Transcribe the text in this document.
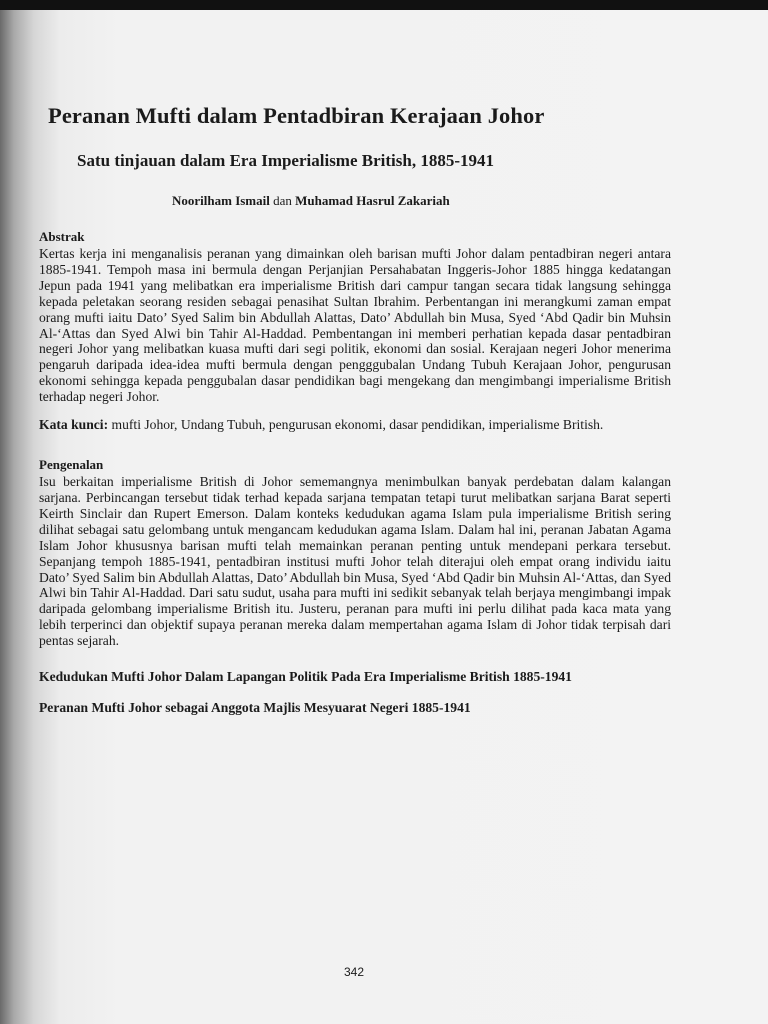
Peranan Mufti dalam Pentadbiran Kerajaan Johor
Satu tinjauan dalam Era Imperialisme British, 1885-1941
Noorilham Ismail dan Muhamad Hasrul Zakariah
Abstrak

Kertas kerja ini menganalisis peranan yang dimainkan oleh barisan mufti Johor dalam pentadbiran negeri antara 1885-1941. Tempoh masa ini bermula dengan Perjanjian Persahabatan Inggeris-Johor 1885 hingga kedatangan Jepun pada 1941 yang melibatkan era imperialisme British dari campur tangan secara tidak langsung sehingga kepada peletakan seorang residen sebagai penasihat Sultan Ibrahim. Perbentangan ini merangkumi zaman empat orang mufti iaitu Dato’ Syed Salim bin Abdullah Alattas, Dato’ Abdullah bin Musa, Syed ‘Abd Qadir bin Muhsin Al-‘Attas dan Syed Alwi bin Tahir Al-Haddad. Pembentangan ini memberi perhatian kepada dasar pentadbiran negeri Johor yang melibatkan kuasa mufti dari segi politik, ekonomi dan sosial. Kerajaan negeri Johor menerima pengaruh daripada idea-idea mufti bermula dengan pengggubalan Undang Tubuh Kerajaan Johor, pengurusan ekonomi sehingga kepada penggubalan dasar pendidikan bagi mengekang dan mengimbangi imperialisme British terhadap negeri Johor.

Kata kunci: mufti Johor, Undang Tubuh, pengurusan ekonomi, dasar pendidikan, imperialisme British.
Pengenalan

Isu berkaitan imperialisme British di Johor sememangnya menimbulkan banyak perdebatan dalam kalangan sarjana. Perbincangan tersebut tidak terhad kepada sarjana tempatan tetapi turut melibatkan sarjana Barat seperti Keirth Sinclair dan Rupert Emerson. Dalam konteks kedudukan agama Islam pula imperialisme British sering dilihat sebagai satu gelombang untuk mengancam kedudukan agama Islam. Dalam hal ini, peranan Jabatan Agama Islam Johor khususnya barisan mufti telah memainkan peranan penting untuk mendepani perkara tersebut. Sepanjang tempoh 1885-1941, pentadbiran institusi mufti Johor telah diterajui oleh empat orang individu iaitu Dato’ Syed Salim bin Abdullah Alattas, Dato’ Abdullah bin Musa, Syed ‘Abd Qadir bin Muhsin Al-‘Attas, dan Syed Alwi bin Tahir Al-Haddad. Dari satu sudut, usaha para mufti ini sedikit sebanyak telah berjaya mengimbangi impak daripada gelombang imperialisme British itu. Justeru, peranan para mufti ini perlu dilihat pada kaca mata yang lebih terperinci dan objektif supaya peranan mereka dalam mempertahan agama Islam di Johor tidak terpisah dari pentas sejarah.

Kedudukan Mufti Johor Dalam Lapangan Politik Pada Era Imperialisme British 1885-1941
Peranan Mufti Johor sebagai Anggota Majlis Mesyuarat Negeri 1885-1941
342
